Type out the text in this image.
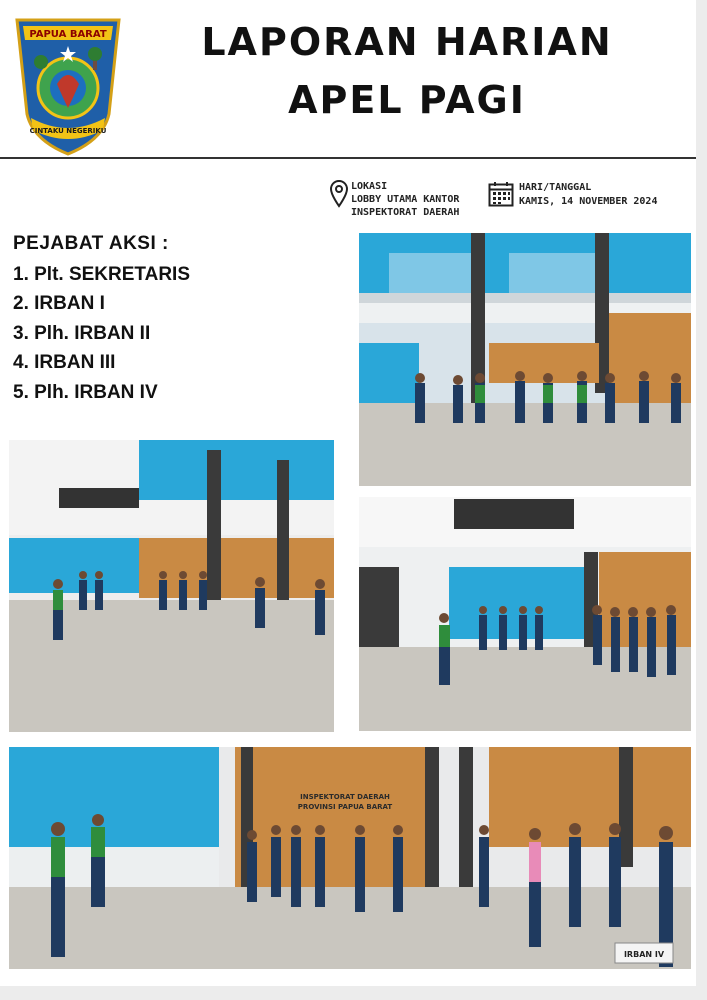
PAPUA BARAT
CINTAKU NEGERIKU
LAPORAN HARIAN
APEL PAGI
LOKASI
LOBBY UTAMA KANTOR
INSPEKTORAT DAERAH
HARI/TANGGAL
KAMIS, 14 NOVEMBER 2024
PEJABAT AKSI :
1. Plt. SEKRETARIS
2. IRBAN I
3. Plh. IRBAN II
4. IRBAN III
5. Plh. IRBAN IV
INSPEKTORAT DAERAH
PROVINSI PAPUA BARAT
IRBAN IV
